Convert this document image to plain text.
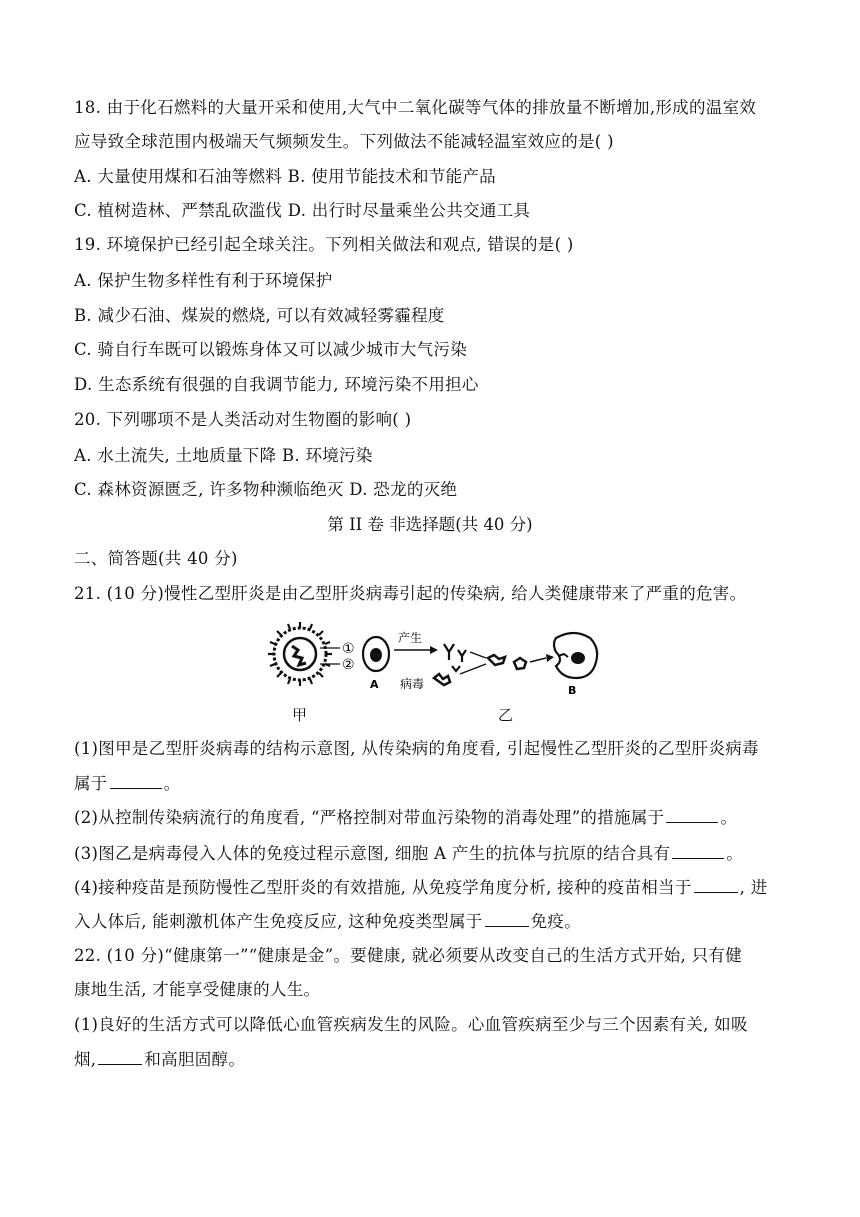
18. 由于化石燃料的大量开采和使用,大气中二氧化碳等气体的排放量不断增加,形成的温室效
应导致全球范围内极端天气频频发生。下列做法不能减轻温室效应的是( )
A. 大量使用煤和石油等燃料 B. 使用节能技术和节能产品
C. 植树造林、严禁乱砍滥伐 D. 出行时尽量乘坐公共交通工具
19. 环境保护已经引起全球关注。下列相关做法和观点, 错误的是( )
A. 保护生物多样性有利于环境保护
B. 减少石油、煤炭的燃烧, 可以有效减轻雾霾程度
C. 骑自行车既可以锻炼身体又可以减少城市大气污染
D. 生态系统有很强的自我调节能力, 环境污染不用担心
20. 下列哪项不是人类活动对生物圈的影响( )
A. 水土流失, 土地质量下降 B. 环境污染
C. 森林资源匮乏, 许多物种濒临绝灭 D. 恐龙的灭绝
第 II 卷 非选择题(共 40 分)
二、简答题(共 40 分)
21. (10 分)慢性乙型肝炎是由乙型肝炎病毒引起的传染病, 给人类健康带来了严重的危害。
①
②
A
产生
病毒	B
甲	乙
(1)图甲是乙型肝炎病毒的结构示意图, 从传染病的角度看, 引起慢性乙型肝炎的乙型肝炎病毒
属于	。
(2)从控制传染病流行的角度看, “严格控制对带血污染物的消毒处理”的措施属于	。
(3)图乙是病毒侵入人体的免疫过程示意图, 细胞 A 产生的抗体与抗原的结合具有	。
(4)接种疫苗是预防慢性乙型肝炎的有效措施, 从免疫学角度分析, 接种的疫苗相当于	, 进
入人体后, 能刺激机体产生免疫反应, 这种免疫类型属于	免疫。
22. (10 分)“健康第一”“健康是金”。要健康, 就必须要从改变自己的生活方式开始, 只有健
康地生活, 才能享受健康的人生。
(1)良好的生活方式可以降低心血管疾病发生的风险。心血管疾病至少与三个因素有关, 如吸
烟,	和高胆固醇。
